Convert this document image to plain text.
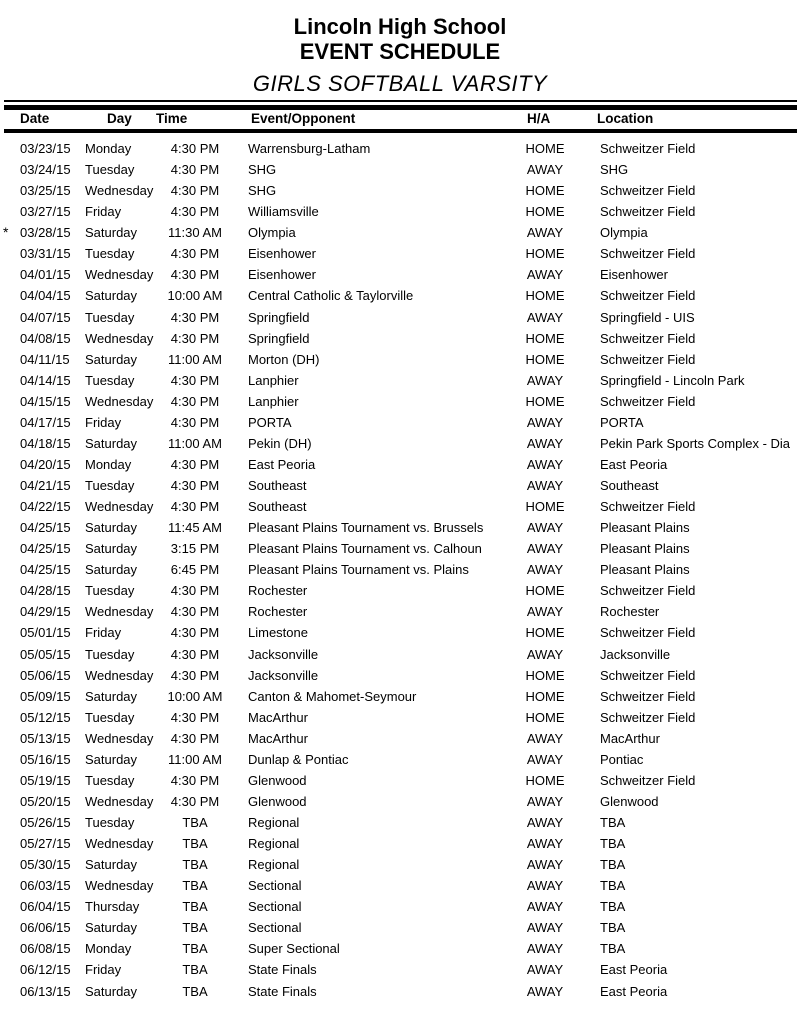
Lincoln High School
EVENT SCHEDULE
GIRLS SOFTBALL VARSITY
Date	Day Time	Event/Opponent	H/A	Location
03/23/15 Monday	4:30 PM	Warrensburg-Latham	HOME	Schweitzer Field
03/24/15 Tuesday	4:30 PM	SHG	AWAY	SHG
03/25/15 Wednesday	4:30 PM	SHG	HOME	Schweitzer Field
03/27/15 Friday	4:30 PM	Williamsville	HOME	Schweitzer Field
* 03/28/15 Saturday	11:30 AM	Olympia	AWAY	Olympia
03/31/15 Tuesday	4:30 PM	Eisenhower	HOME	Schweitzer Field
04/01/15 Wednesday	4:30 PM	Eisenhower	AWAY	Eisenhower
04/04/15 Saturday	10:00 AM	Central Catholic & Taylorville	HOME	Schweitzer Field
04/07/15 Tuesday	4:30 PM	Springfield	AWAY	Springfield - UIS
04/08/15 Wednesday	4:30 PM	Springfield	HOME	Schweitzer Field
04/11/15 Saturday	11:00 AM	Morton (DH)	HOME	Schweitzer Field
04/14/15 Tuesday	4:30 PM	Lanphier	AWAY	Springfield - Lincoln Park
04/15/15 Wednesday	4:30 PM	Lanphier	HOME	Schweitzer Field
04/17/15 Friday	4:30 PM	PORTA	AWAY	PORTA
04/18/15 Saturday	11:00 AM	Pekin (DH)	AWAY	Pekin Park Sports Complex - Dia
04/20/15 Monday	4:30 PM	East Peoria	AWAY	East Peoria
04/21/15 Tuesday	4:30 PM	Southeast	AWAY	Southeast
04/22/15 Wednesday	4:30 PM	Southeast	HOME	Schweitzer Field
04/25/15 Saturday	11:45 AM	Pleasant Plains Tournament vs. Brussels	AWAY	Pleasant Plains
04/25/15 Saturday	3:15 PM	Pleasant Plains Tournament vs. Calhoun	AWAY	Pleasant Plains
04/25/15 Saturday	6:45 PM	Pleasant Plains Tournament vs. Plains	AWAY	Pleasant Plains
04/28/15 Tuesday	4:30 PM	Rochester	HOME	Schweitzer Field
04/29/15 Wednesday	4:30 PM	Rochester	AWAY	Rochester
05/01/15 Friday	4:30 PM	Limestone	HOME	Schweitzer Field
05/05/15 Tuesday	4:30 PM	Jacksonville	AWAY	Jacksonville
05/06/15 Wednesday	4:30 PM	Jacksonville	HOME	Schweitzer Field
05/09/15 Saturday	10:00 AM	Canton & Mahomet-Seymour	HOME	Schweitzer Field
05/12/15 Tuesday	4:30 PM	MacArthur	HOME	Schweitzer Field
05/13/15 Wednesday	4:30 PM	MacArthur	AWAY	MacArthur
05/16/15 Saturday	11:00 AM	Dunlap & Pontiac	AWAY	Pontiac
05/19/15 Tuesday	4:30 PM	Glenwood	HOME	Schweitzer Field
05/20/15 Wednesday	4:30 PM	Glenwood	AWAY	Glenwood
05/26/15 Tuesday	TBA	Regional	AWAY	TBA
05/27/15 Wednesday	TBA	Regional	AWAY	TBA
05/30/15 Saturday	TBA	Regional	AWAY	TBA
06/03/15 Wednesday	TBA	Sectional	AWAY	TBA
06/04/15 Thursday	TBA	Sectional	AWAY	TBA
06/06/15 Saturday	TBA	Sectional	AWAY	TBA
06/08/15 Monday	TBA	Super Sectional	AWAY	TBA
06/12/15 Friday	TBA	State Finals	AWAY	East Peoria
06/13/15 Saturday	TBA	State Finals	AWAY	East Peoria
